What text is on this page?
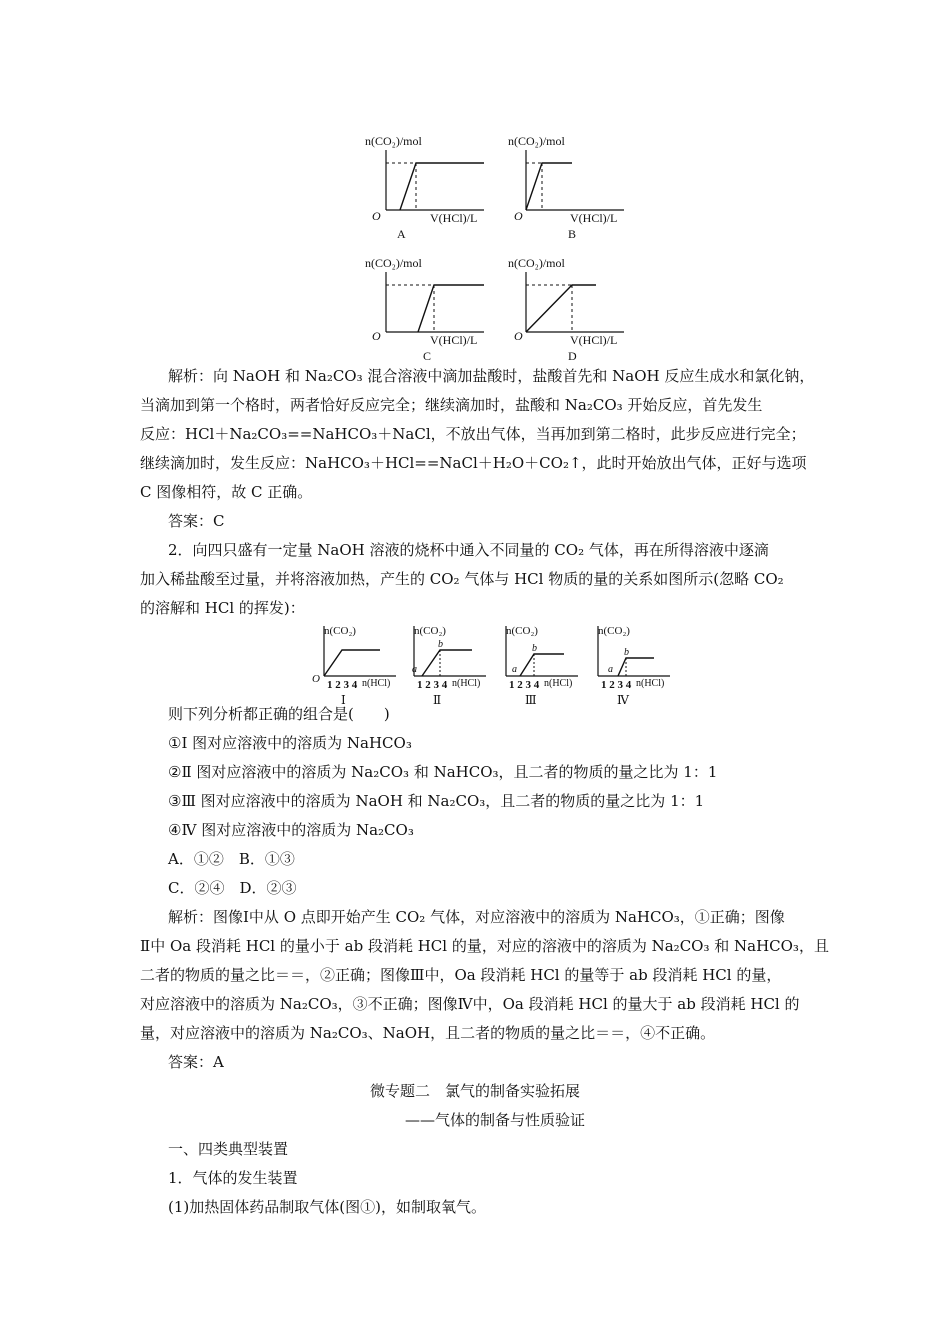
n(CO₂)/mol
O	V(HCl)/L
A
n(CO₂)/mol
O	V(HCl)/L
B
n(CO₂)/mol
O	V(HCl)/L
C
n(CO₂)/mol
O	V(HCl)/L
D
解析：向 NaOH 和 Na₂CO₃ 混合溶液中滴加盐酸时，盐酸首先和 NaOH 反应生成水和氯化钠，
当滴加到第一个格时，两者恰好反应完全；继续滴加时，盐酸和 Na₂CO₃ 开始反应，首先发生
反应：HCl＋Na₂CO₃==NaHCO₃＋NaCl，不放出气体，当再加到第二格时，此步反应进行完全；
继续滴加时，发生反应：NaHCO₃＋HCl==NaCl＋H₂O＋CO₂↑，此时开始放出气体，正好与选项
C 图像相符，故 C 正确。
答案：C
2．向四只盛有一定量 NaOH 溶液的烧杯中通入不同量的 CO₂ 气体，再在所得溶液中逐滴
加入稀盐酸至过量，并将溶液加热，产生的 CO₂ 气体与 HCl 物质的量的关系如图所示(忽略 CO₂
的溶解和 HCl 的挥发)：
n(CO₂)
O 1 2 3 4 n(HCl)
Ⅰ
n(CO₂)
a
b
1 2 3 4 n(HCl)
Ⅱ
n(CO₂)
a
b
1 2 3 4 n(HCl)
Ⅲ
n(CO₂)
a
b
1 2 3 4 n(HCl)
Ⅳ
则下列分析都正确的组合是(　　)
①Ⅰ 图对应溶液中的溶质为 NaHCO₃
②Ⅱ 图对应溶液中的溶质为 Na₂CO₃ 和 NaHCO₃，且二者的物质的量之比为 1：1
③Ⅲ 图对应溶液中的溶质为 NaOH 和 Na₂CO₃，且二者的物质的量之比为 1：1
④Ⅳ 图对应溶液中的溶质为 Na₂CO₃
A．①②　B．①③
C．②④　D．②③
解析：图像Ⅰ中从 O 点即开始产生 CO₂ 气体，对应溶液中的溶质为 NaHCO₃，①正确；图像
Ⅱ中 Oa 段消耗 HCl 的量小于 ab 段消耗 HCl 的量，对应的溶液中的溶质为 Na₂CO₃ 和 NaHCO₃，且
二者的物质的量之比＝＝，②正确；图像Ⅲ中，Oa 段消耗 HCl 的量等于 ab 段消耗 HCl 的量，
对应溶液中的溶质为 Na₂CO₃，③不正确；图像Ⅳ中，Oa 段消耗 HCl 的量大于 ab 段消耗 HCl 的
量，对应溶液中的溶质为 Na₂CO₃、NaOH，且二者的物质的量之比＝＝，④不正确。
答案：A
微专题二　氯气的制备实验拓展
——气体的制备与性质验证
一、四类典型装置
1．气体的发生装置
(1)加热固体药品制取气体(图①)，如制取氧气。
